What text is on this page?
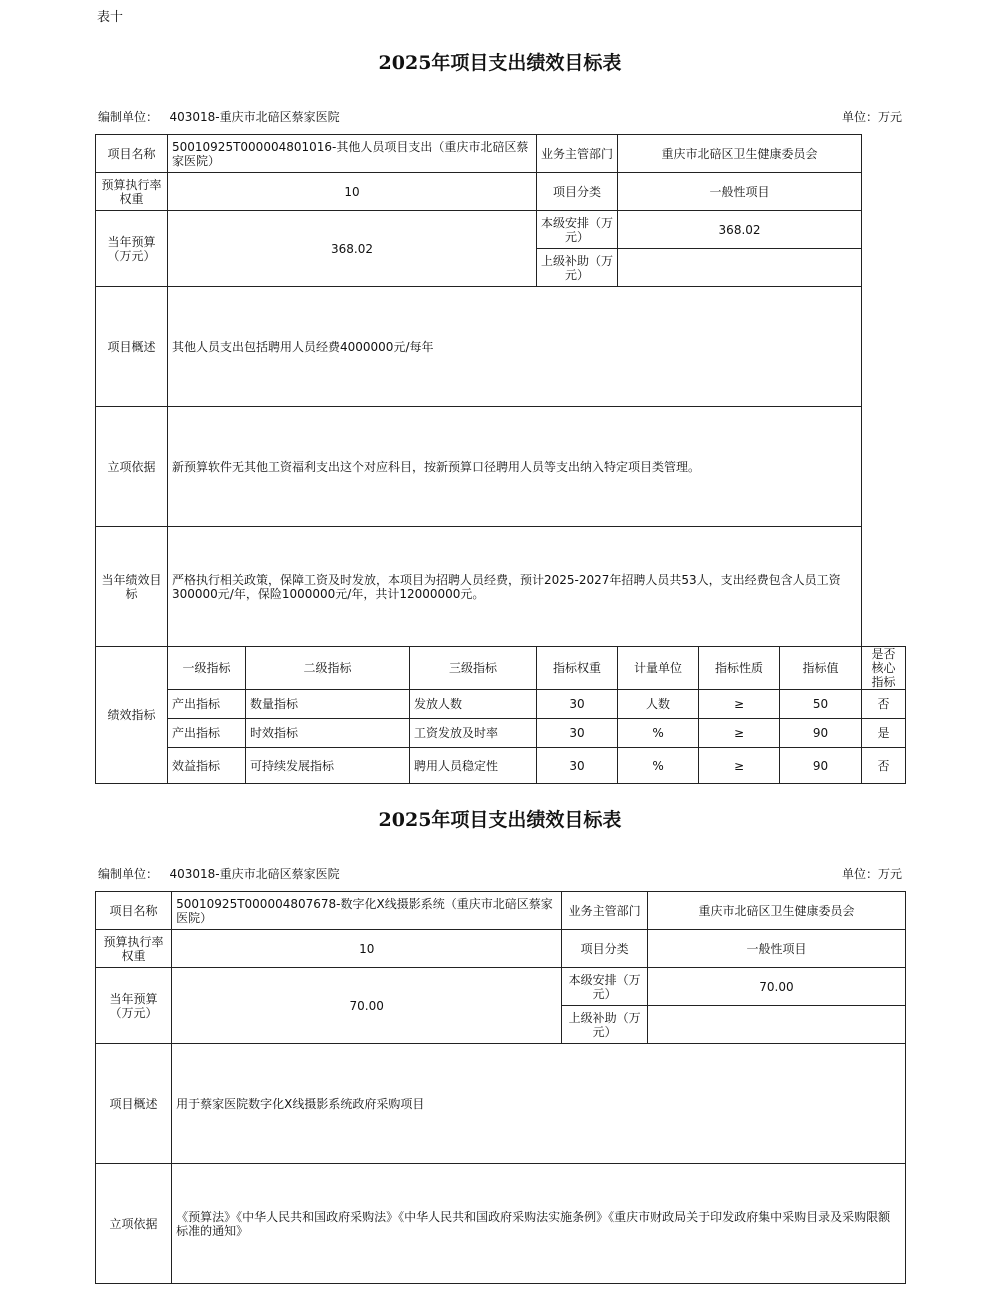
表十
2025年项目支出绩效目标表
编制单位： 403018-重庆市北碚区蔡家医院	单位：万元
项目名称	50010925T000004801016-其他人员项目支出（重庆市北碚区蔡家医院）			业务主管部门	重庆市北碚区卫生健康委员会			
预算执行率权重	10			项目分类	一般性项目			
当年预算（万元）	368.02			本级安排（万元）	368.02			
				上级补助（万元）				
项目概述	其他人员支出包括聘用人员经费4000000元/每年							
立项依据	新预算软件无其他工资福利支出这个对应科目，按新预算口径聘用人员等支出纳入特定项目类管理。							
当年绩效目标	严格执行相关政策，保障工资及时发放，本项目为招聘人员经费，预计2025-2027年招聘人员共53人，支出经费包含人员工资300000元/年，保险1000000元/年，共计12000000元。							
绩效指标	一级指标	二级指标	三级指标	指标权重	计量单位	指标性质	指标值	是否核心指标
	产出指标	数量指标	发放人数	30	人数	≥	50	否
	产出指标	时效指标	工资发放及时率	30	%	≥	90	是
	效益指标	可持续发展指标	聘用人员稳定性	30	%	≥	90	否
2025年项目支出绩效目标表
编制单位： 403018-重庆市北碚区蔡家医院	单位：万元
项目名称	50010925T000004807678-数字化X线摄影系统（重庆市北碚区蔡家医院）	业务主管部门	重庆市北碚区卫生健康委员会
预算执行率权重	10	项目分类	一般性项目
当年预算（万元）	70.00	本级安排（万元）	70.00
		上级补助（万元）	
项目概述	用于蔡家医院数字化X线摄影系统政府采购项目		
立项依据	《预算法》《中华人民共和国政府采购法》《中华人民共和国政府采购法实施条例》《重庆市财政局关于印发政府集中采购目录及采购限额标准的通知》		
